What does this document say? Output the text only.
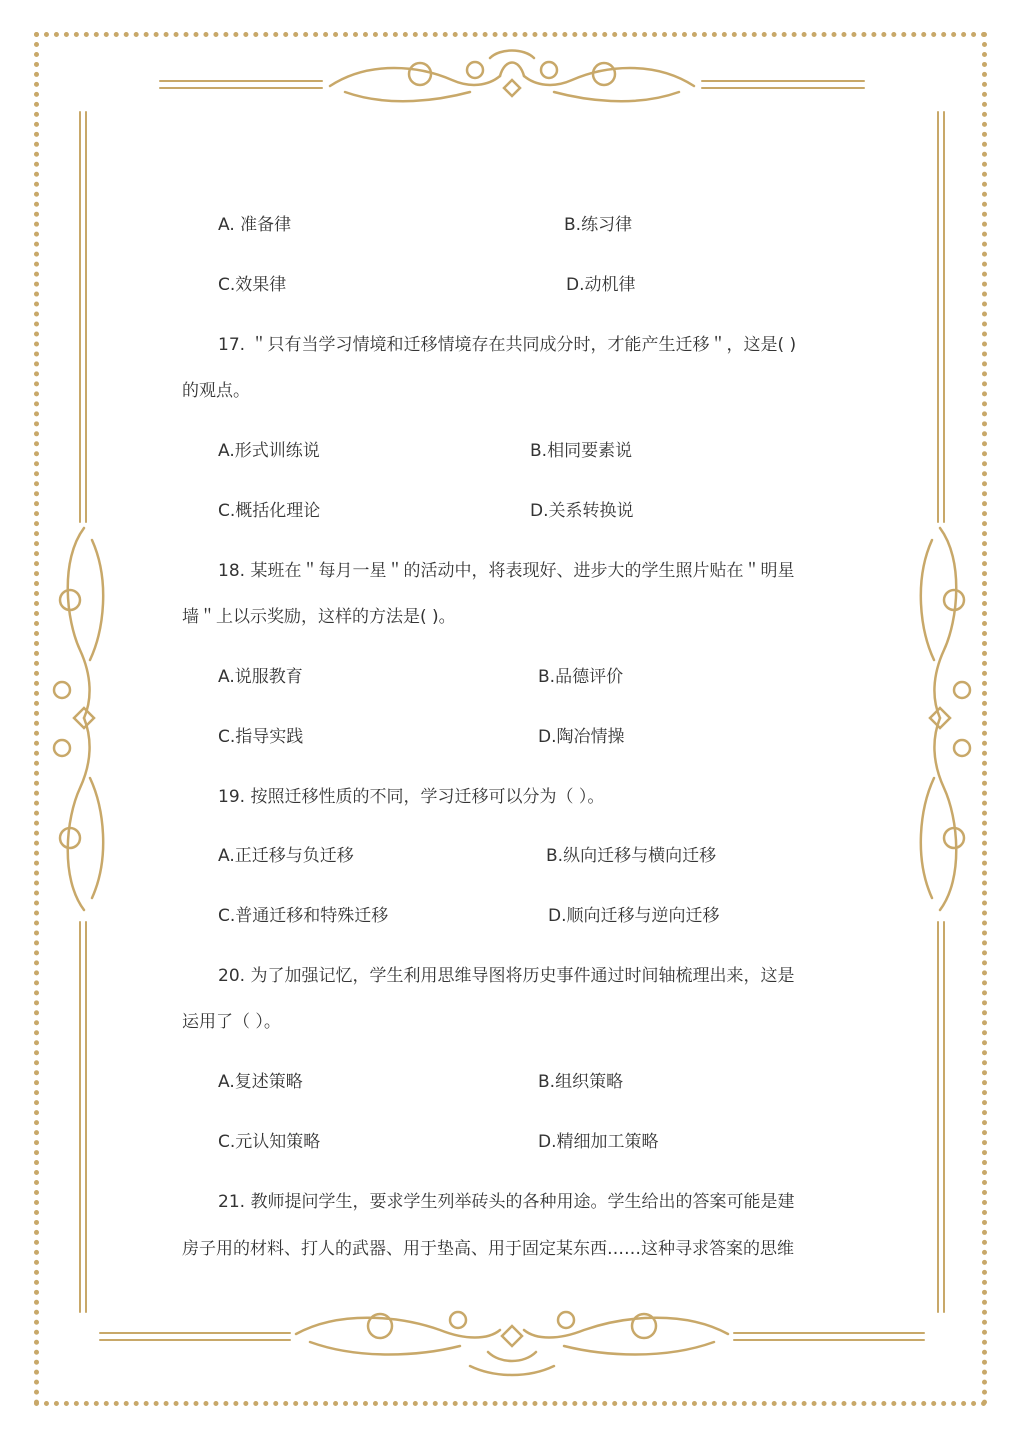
A. 准备律	B.练习律
C.效果律	D.动机律
17. ＂只有当学习情境和迁移情境存在共同成分时，才能产生迁移＂，这是( )
的观点。
A.形式训练说	B.相同要素说
C.概括化理论	D.关系转换说
18. 某班在＂每月一星＂的活动中，将表现好、进步大的学生照片贴在＂明星
墙＂上以示奖励，这样的方法是( )。
A.说服教育	B.品德评价
C.指导实践	D.陶冶情操
19. 按照迁移性质的不同，学习迁移可以分为（ ）。
A.正迁移与负迁移	B.纵向迁移与横向迁移
C.普通迁移和特殊迁移	D.顺向迁移与逆向迁移
20. 为了加强记忆，学生利用思维导图将历史事件通过时间轴梳理出来，这是
运用了（ ）。
A.复述策略	B.组织策略
C.元认知策略	D.精细加工策略
21. 教师提问学生，要求学生列举砖头的各种用途。学生给出的答案可能是建
房子用的材料、打人的武器、用于垫高、用于固定某东西……这种寻求答案的思维
